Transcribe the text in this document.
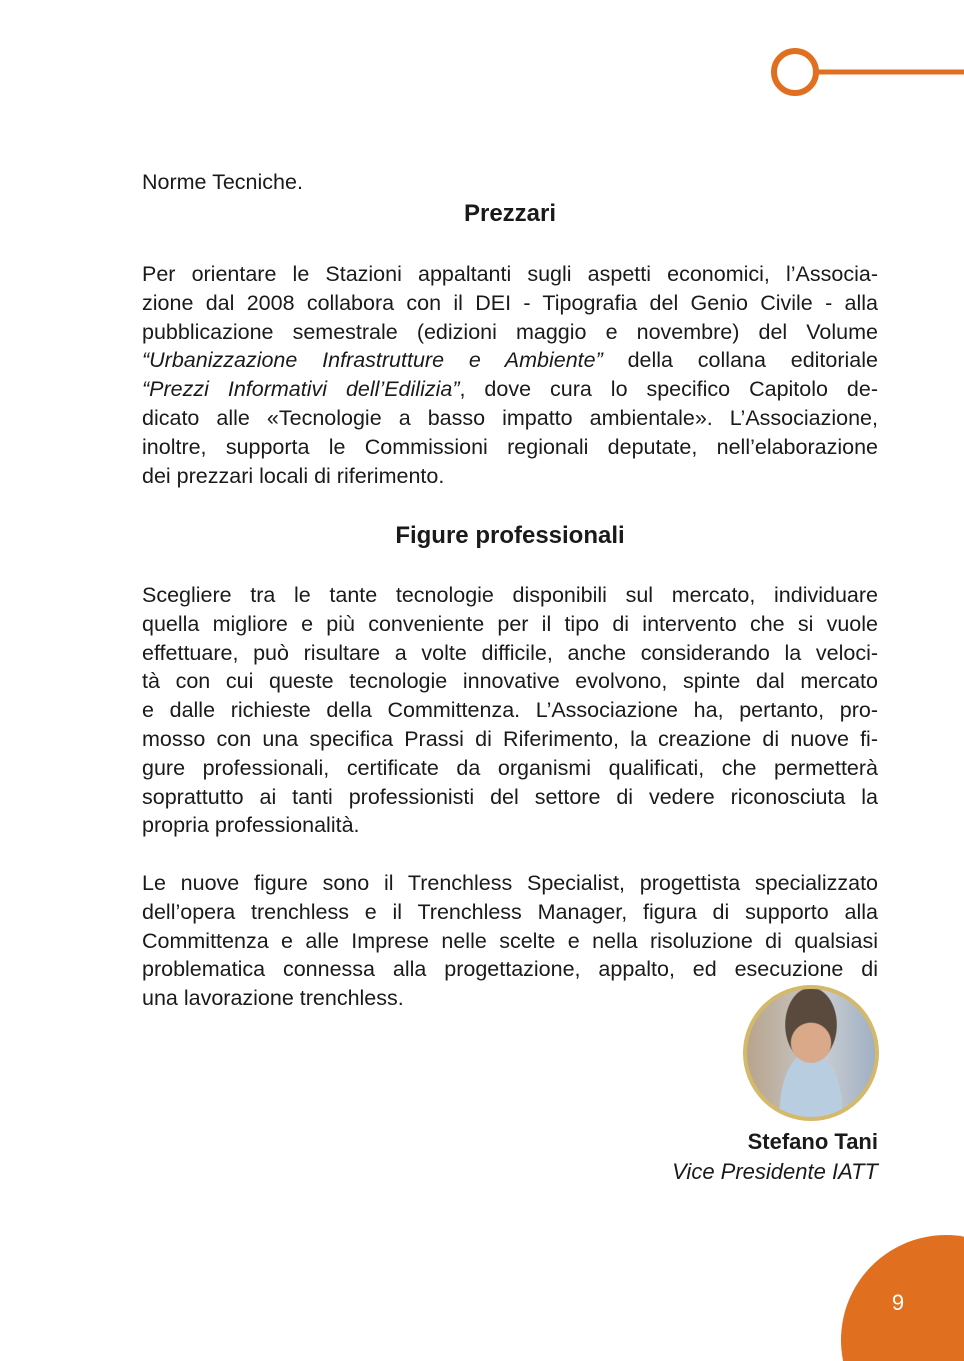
Norme Tecniche.
Prezzari
Per orientare le Stazioni appaltanti sugli aspetti economici, l’Associa-
zione dal 2008 collabora con il DEI - Tipografia del Genio Civile - alla
pubblicazione semestrale (edizioni maggio e novembre) del Volume
“Urbanizzazione Infrastrutture e Ambiente” della collana editoriale
“Prezzi Informativi dell’Edilizia”, dove cura lo specifico Capitolo de-
dicato alle «Tecnologie a basso impatto ambientale». L’Associazione,
inoltre, supporta le Commissioni regionali deputate, nell’elaborazione
dei prezzari locali di riferimento.
Figure professionali
Scegliere tra le tante tecnologie disponibili sul mercato, individuare
quella migliore e più conveniente per il tipo di intervento che si vuole
effettuare, può risultare a volte difficile, anche considerando la veloci-
tà con cui queste tecnologie innovative evolvono, spinte dal mercato
e dalle richieste della Committenza. L’Associazione ha, pertanto, pro-
mosso con una specifica Prassi di Riferimento, la creazione di nuove fi-
gure professionali, certificate da organismi qualificati, che permetterà
soprattutto ai tanti professionisti del settore di vedere riconosciuta la
propria professionalità.
Le nuove figure sono il Trenchless Specialist, progettista specializzato
dell’opera trenchless e il Trenchless Manager, figura di supporto alla
Committenza e alle Imprese nelle scelte e nella risoluzione di qualsiasi
problematica connessa alla progettazione, appalto, ed esecuzione di
una lavorazione trenchless.
Stefano Tani
Vice Presidente IATT
9
